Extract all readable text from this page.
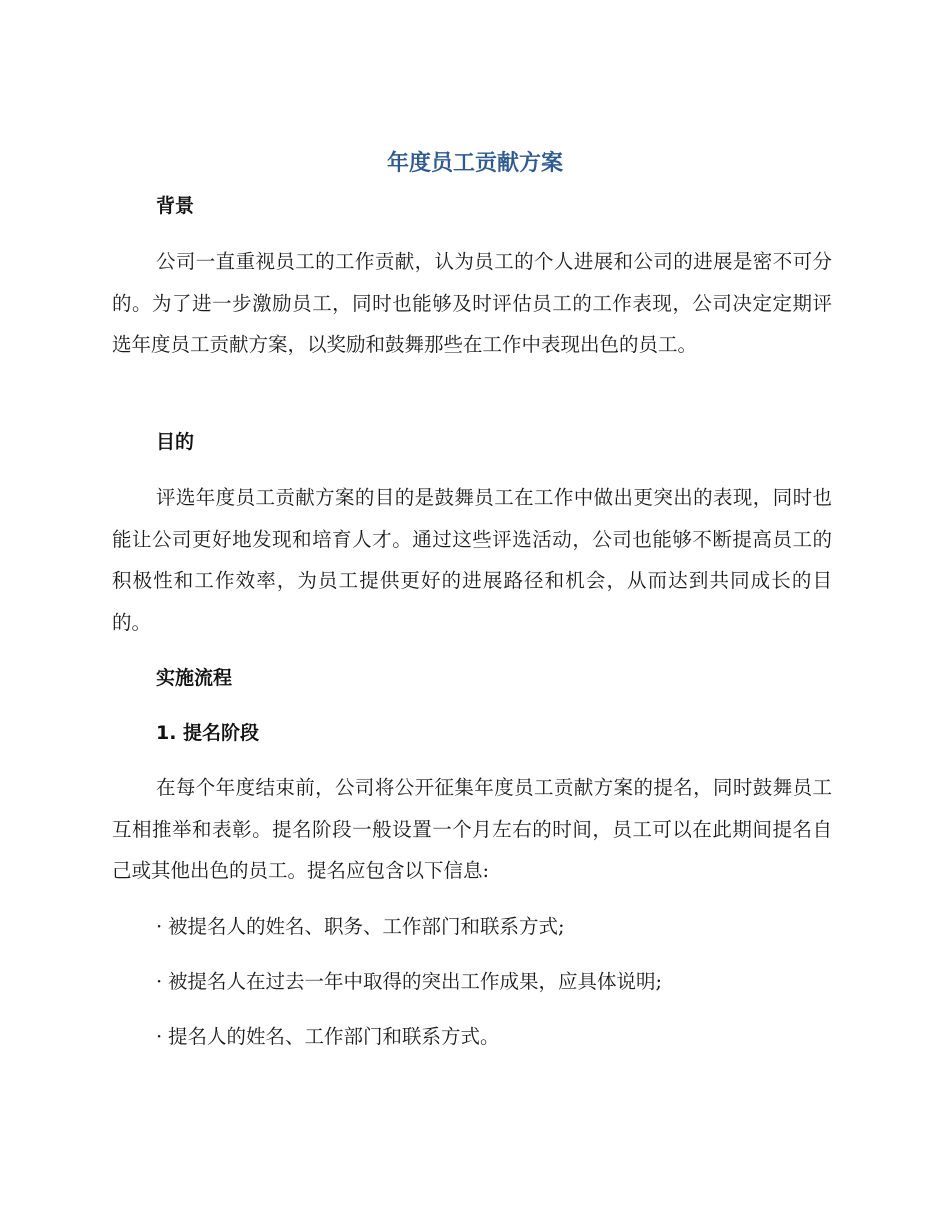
年度员工贡献方案
背景
公司一直重视员工的工作贡献，认为员工的个人进展和公司的进展是密不可分的。为了进一步激励员工，同时也能够及时评估员工的工作表现，公司决定定期评选年度员工贡献方案，以奖励和鼓舞那些在工作中表现出色的员工。
目的
评选年度员工贡献方案的目的是鼓舞员工在工作中做出更突出的表现，同时也能让公司更好地发现和培育人才。通过这些评选活动，公司也能够不断提高员工的积极性和工作效率，为员工提供更好的进展路径和机会，从而达到共同成长的目的。
实施流程
1. 提名阶段
在每个年度结束前，公司将公开征集年度员工贡献方案的提名，同时鼓舞员工互相推举和表彰。提名阶段一般设置一个月左右的时间，员工可以在此期间提名自己或其他出色的员工。提名应包含以下信息:
· 被提名人的姓名、职务、工作部门和联系方式;
· 被提名人在过去一年中取得的突出工作成果，应具体说明;
· 提名人的姓名、工作部门和联系方式。
